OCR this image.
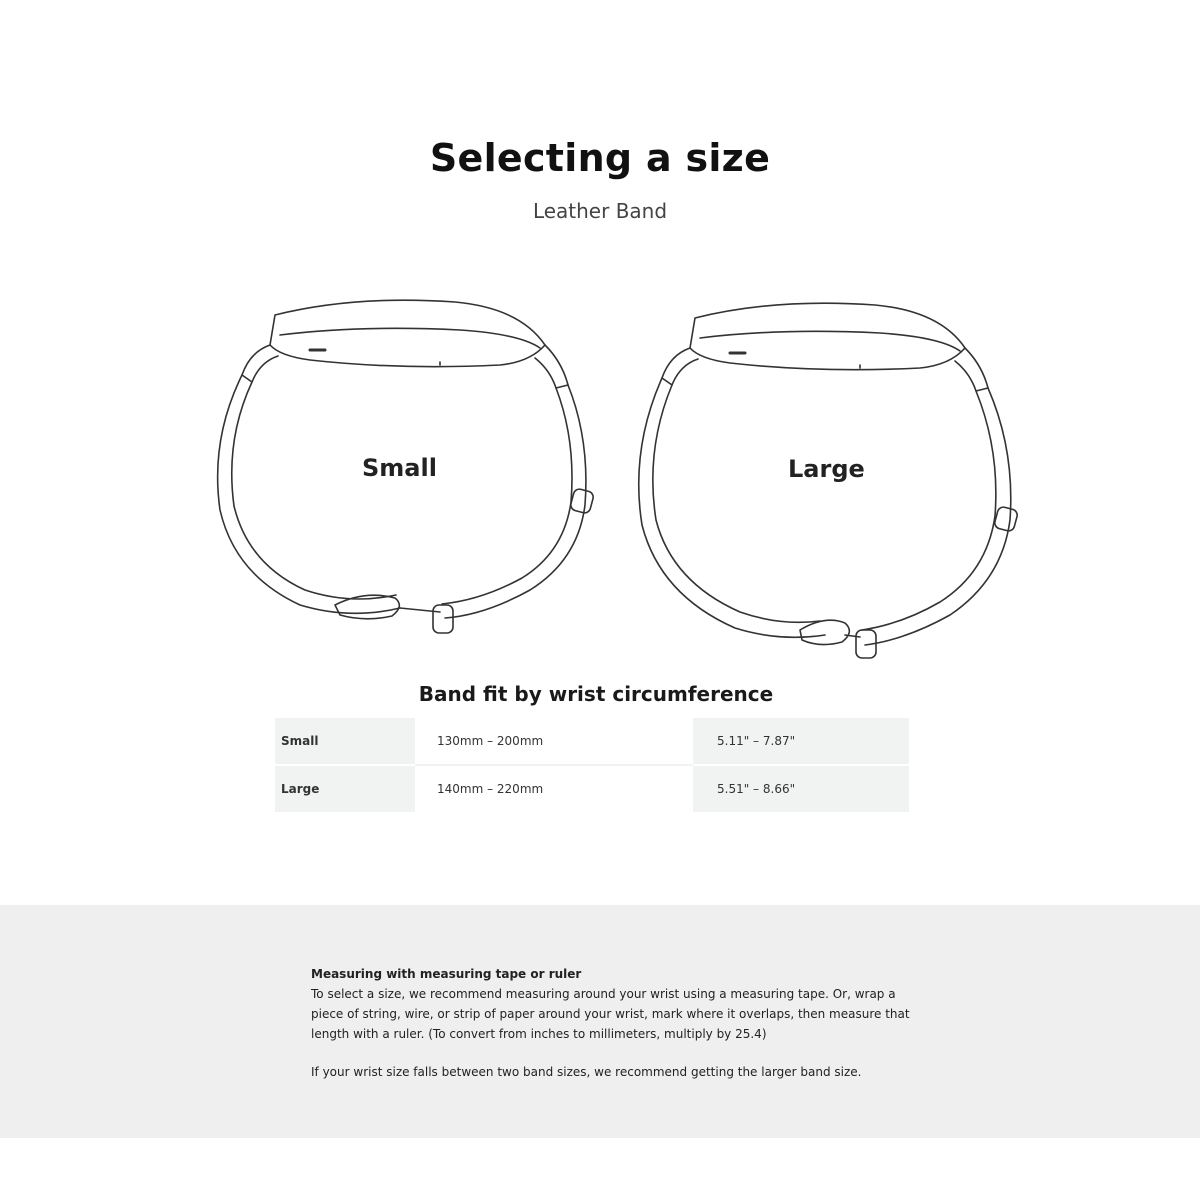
Selecting a size
Leather Band
Small	Large
Band fit by wrist circumference
Small	130mm – 200mm	5.11" – 7.87"
Large	140mm – 220mm	5.51" – 8.66"

Measuring with measuring tape or ruler

To select a size, we recommend measuring around your wrist using a measuring tape. Or, wrap a piece of string, wire, or strip of paper around your wrist, mark where it overlaps, then measure that length with a ruler. (To convert from inches to millimeters, multiply by 25.4)

If your wrist size falls between two band sizes, we recommend getting the larger band size.
